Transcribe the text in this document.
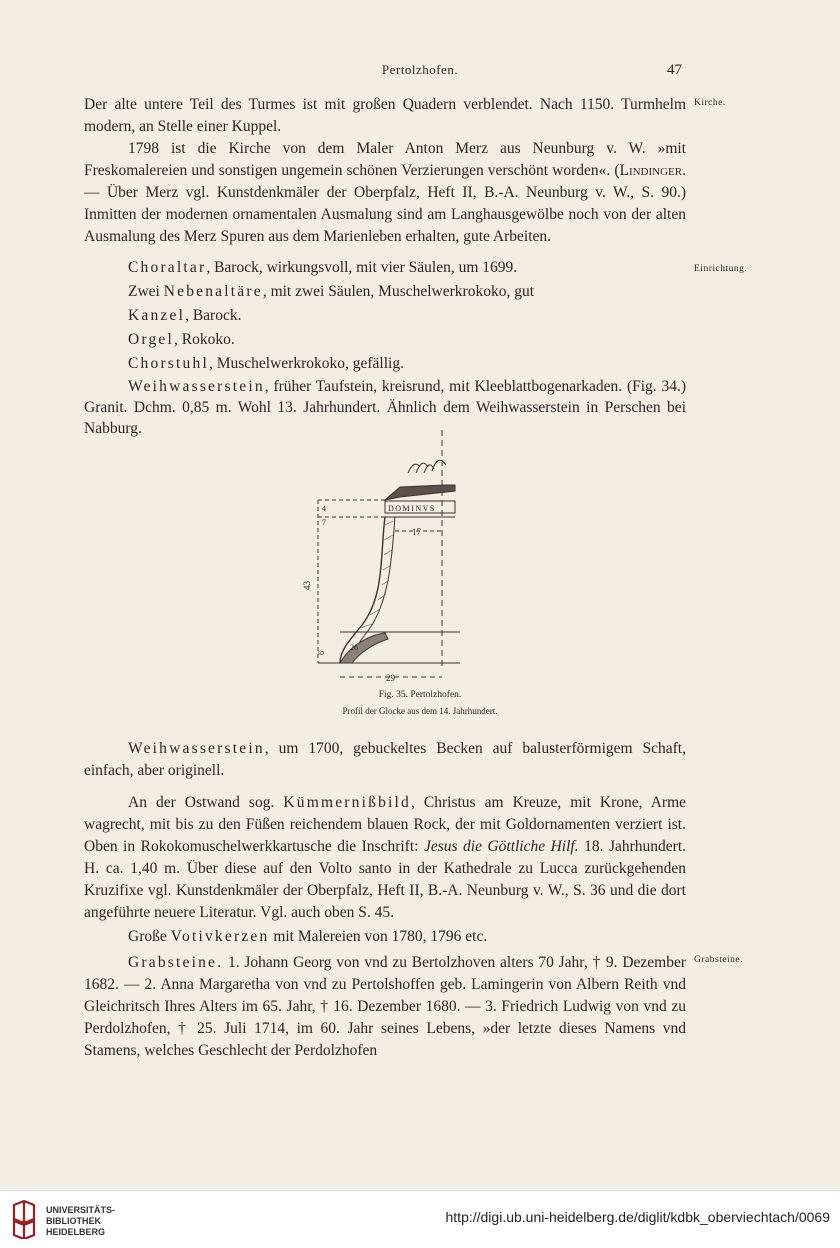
Pertolzhofen.	47
Kirche.
Einrichtung.
Grabsteine.

Der alte untere Teil des Turmes ist mit großen Quadern verblendet. Nach 1150. Turmhelm modern, an Stelle einer Kuppel.

1798 ist die Kirche von dem Maler Anton Merz aus Neunburg v. W. »mit Freskomalereien und sonstigen ungemein schönen Verzierungen verschönt worden«. (Lindinger. — Über Merz vgl. Kunstdenkmäler der Oberpfalz, Heft II, B.-A. Neunburg v. W., S. 90.) Inmitten der modernen ornamentalen Ausmalung sind am Langhausgewölbe noch von der alten Ausmalung des Merz Spuren aus dem Marienleben erhalten, gute Arbeiten.

Choraltar, Barock, wirkungsvoll, mit vier Säulen, um 1699.

Zwei Nebenaltäre, mit zwei Säulen, Muschelwerkrokoko, gut

Kanzel, Barock.

Orgel, Rokoko.

Chorstuhl, Muschelwerkrokoko, gefällig.

Weihwasserstein, früher Taufstein, kreisrund, mit Kleeblattbogenarkaden. (Fig. 34.) Granit. Dchm. 0,85 m. Wohl 13. Jahrhundert. Ähnlich dem Weihwasserstein in Perschen bei Nabburg.

DOMINVS
17
29
43
4
7
6
26
Fig. 35. Pertolzhofen.
Profil der Glocke aus dem 14. Jahrhundert.

Weihwasserstein, um 1700, gebuckeltes Becken auf balusterförmigem Schaft, einfach, aber originell.

An der Ostwand sog. Kümmernißbild, Christus am Kreuze, mit Krone, Arme wagrecht, mit bis zu den Füßen reichendem blauen Rock, der mit Goldornamenten verziert ist. Oben in Rokokomuschelwerkkartusche die Inschrift: Jesus die Göttliche Hilf. 18. Jahrhundert. H. ca. 1,40 m. Über diese auf den Volto santo in der Kathedrale zu Lucca zurückgehenden Kruzifixe vgl. Kunstdenkmäler der Oberpfalz, Heft II, B.-A. Neunburg v. W., S. 36 und die dort angeführte neuere Literatur. Vgl. auch oben S. 45.

Große Votivkerzen mit Malereien von 1780, 1796 etc.

Grabsteine. 1. Johann Georg von vnd zu Bertolzhoven alters 70 Jahr, † 9. Dezember 1682. — 2. Anna Margaretha von vnd zu Pertolshoffen geb. Lamingerin von Albern Reith vnd Gleichritsch Ihres Alters im 65. Jahr, † 16. Dezember 1680. — 3. Friedrich Ludwig von vnd zu Perdolzhofen, † 25. Juli 1714, im 60. Jahr seines Lebens, »der letzte dieses Namens vnd Stamens, welches Geschlecht der Perdolzhofen

UNIVERSITÄTS-
BIBLIOTHEK
HEIDELBERG
http://digi.ub.uni-heidelberg.de/diglit/kdbk_oberviechtach/0069
